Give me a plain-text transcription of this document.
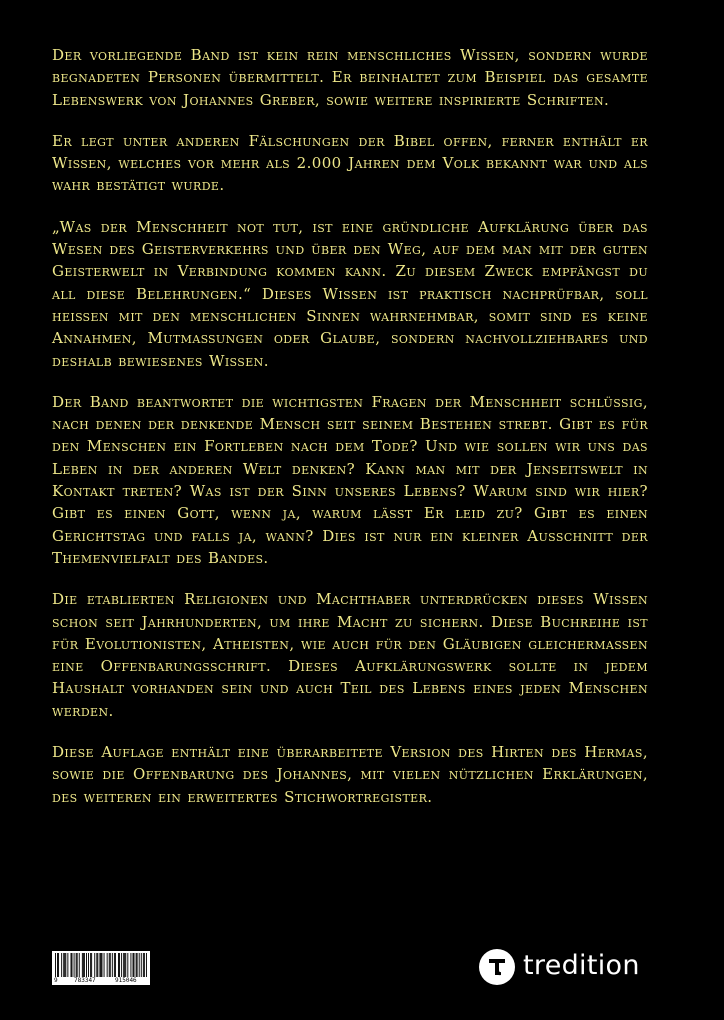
Der vorliegende Band ist kein rein menschliches Wissen, sondern wurde begnadeten Personen übermittelt. Er beinhaltet zum Beispiel das gesamte Lebenswerk von Johannes Greber, sowie weitere inspirierte Schriften.

Er legt unter anderen Fälschungen der Bibel offen, ferner enthält er Wissen, welches vor mehr als 2.000 Jahren dem Volk bekannt war und als wahr bestätigt wurde.

„Was der Menschheit not tut, ist eine gründliche Aufklärung über das Wesen des Geisterverkehrs und über den Weg, auf dem man mit der guten Geisterwelt in Verbindung kommen kann. Zu diesem Zweck empfängst du all diese Belehrungen.“ Dieses Wissen ist praktisch nachprüfbar, soll heißen mit den menschlichen Sinnen wahrnehmbar, somit sind es keine Annahmen, Mutmaßungen oder Glaube, sondern nachvollziehbares und deshalb bewiesenes Wissen.

Der Band beantwortet die wichtigsten Fragen der Menschheit schlüssig, nach denen der denkende Mensch seit seinem Bestehen strebt. Gibt es für den Menschen ein Fortleben nach dem Tode? Und wie sollen wir uns das Leben in der anderen Welt denken? Kann man mit der Jenseitswelt in Kontakt treten? Was ist der Sinn unseres Lebens? Warum sind wir hier? Gibt es einen Gott, wenn ja, warum lässt Er leid zu? Gibt es einen Gerichtstag und falls ja, wann? Dies ist nur ein kleiner Ausschnitt der Themenvielfalt des Bandes.

Die etablierten Religionen und Machthaber unterdrücken dieses Wissen schon seit Jahrhunderten, um ihre Macht zu sichern. Diese Buchreihe ist für Evolutionisten, Atheisten, wie auch für den Gläubigen gleichermaßen eine Offenbarungsschrift. Dieses Aufklärungswerk sollte in jedem Haushalt vorhanden sein und auch Teil des Lebens eines jeden Menschen werden.

Diese Auflage enthält eine überarbeitete Version des Hirten des Hermas, sowie die Offenbarung des Johannes, mit vielen nützlichen Erklärungen, des weiteren ein erweitertes Stichwortregister.

9	783347	915046	tredition
